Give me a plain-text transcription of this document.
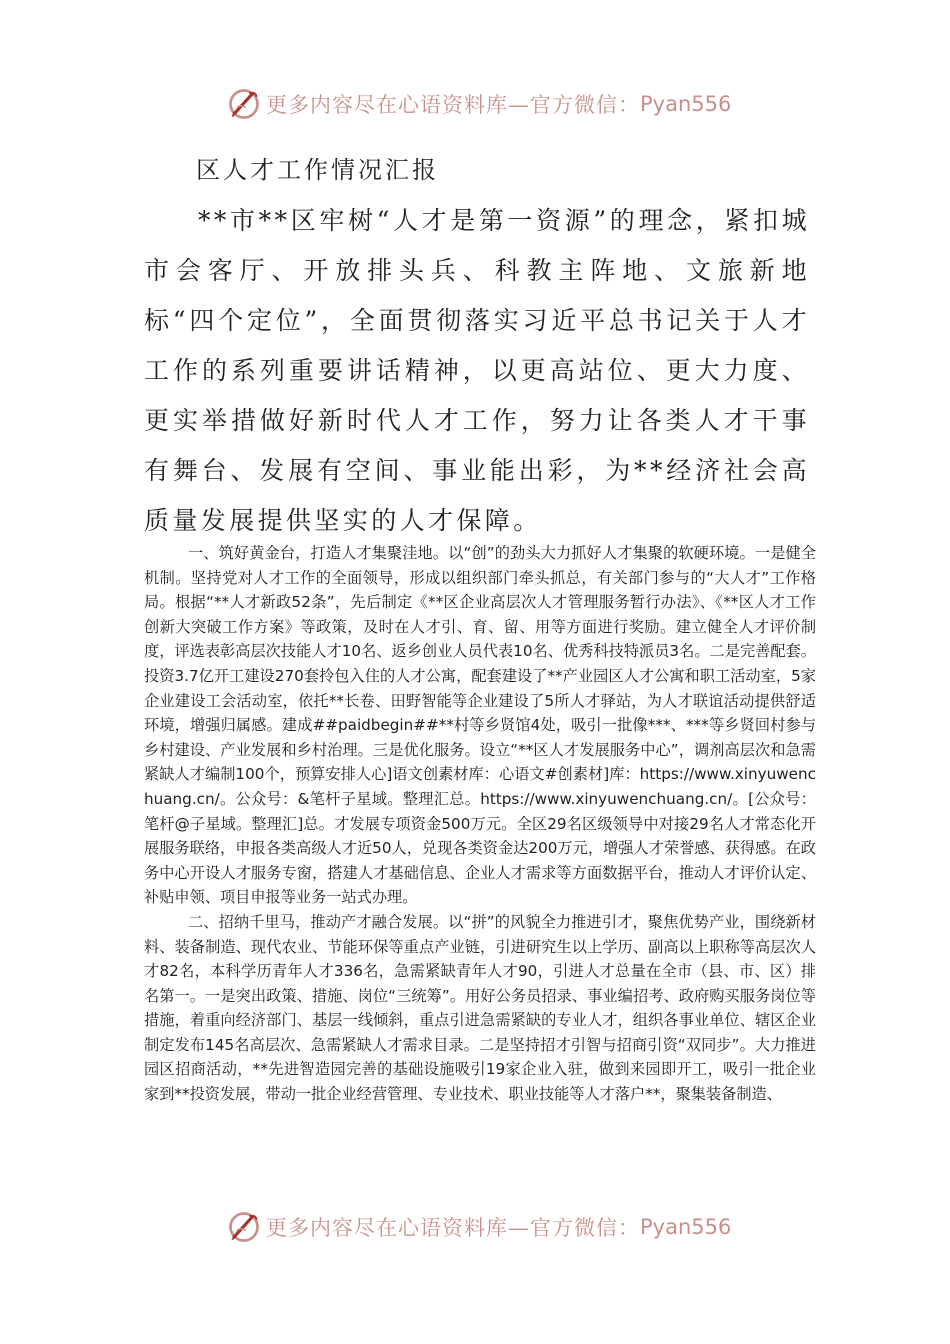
更多内容尽在心语资料库—官方微信： Pyan556
区人才工作情况汇报

**市**区牢树“人才是第一资源”的理念，紧扣城市会客厅、开放排头兵、科教主阵地、文旅新地标“四个定位”，全面贯彻落实习近平总书记关于人才工作的系列重要讲话精神，以更高站位、更大力度、更实举措做好新时代人才工作，努力让各类人才干事有舞台、发展有空间、事业能出彩，为**经济社会高质量发展提供坚实的人才保障。

一、筑好黄金台，打造人才集聚洼地。以“创”的劲头大力抓好人才集聚的软硬环境。一是健全机制。坚持党对人才工作的全面领导，形成以组织部门牵头抓总，有关部门参与的“大人才”工作格局。根据“**人才新政52条”，先后制定《**区企业高层次人才管理服务暂行办法》、《**区人才工作创新大突破工作方案》等政策，及时在人才引、育、留、用等方面进行奖励。建立健全人才评价制度，评选表彰高层次技能人才10名、返乡创业人员代表10名、优秀科技特派员3名。二是完善配套。投资3.7亿开工建设270套拎包入住的人才公寓，配套建设了**产业园区人才公寓和职工活动室，5家企业建设工会活动室，依托**长卷、田野智能等企业建设了5所人才驿站，为人才联谊活动提供舒适环境，增强归属感。建成##paidbegin##**村等乡贤馆4处，吸引一批像***、***等乡贤回村参与乡村建设、产业发展和乡村治理。三是优化服务。设立“**区人才发展服务中心”，调剂高层次和急需紧缺人才编制100个，预算安排人心]语文创素材库：心语文#创素材]库：https://www.xinyuwenchuang.cn/。公众号：&笔杆子星域。整理汇总。https://www.xinyuwenchuang.cn/。[公众号：笔杆@子星域。整理汇]总。才发展专项资金500万元。全区29名区级领导中对接29名人才常态化开展服务联络，申报各类高级人才近50人，兑现各类资金达200万元，增强人才荣誉感、获得感。在政务中心开设人才服务专窗，搭建人才基础信息、企业人才需求等方面数据平台，推动人才评价认定、补贴申领、项目申报等业务一站式办理。

二、招纳千里马，推动产才融合发展。以“拼”的风貌全力推进引才，聚焦优势产业，围绕新材料、装备制造、现代农业、节能环保等重点产业链，引进研究生以上学历、副高以上职称等高层次人才82名，本科学历青年人才336名，急需紧缺青年人才90，引进人才总量在全市（县、市、区）排名第一。一是突出政策、措施、岗位“三统筹”。用好公务员招录、事业编招考、政府购买服务岗位等措施，着重向经济部门、基层一线倾斜，重点引进急需紧缺的专业人才，组织各事业单位、辖区企业制定发布145名高层次、急需紧缺人才需求目录。二是坚持招才引智与招商引资“双同步”。大力推进园区招商活动，**先进智造园完善的基础设施吸引19家企业入驻，做到来园即开工，吸引一批企业家到**投资发展，带动一批企业经营管理、专业技术、职业技能等人才落户**，聚集装备制造、

更多内容尽在心语资料库—官方微信： Pyan556
